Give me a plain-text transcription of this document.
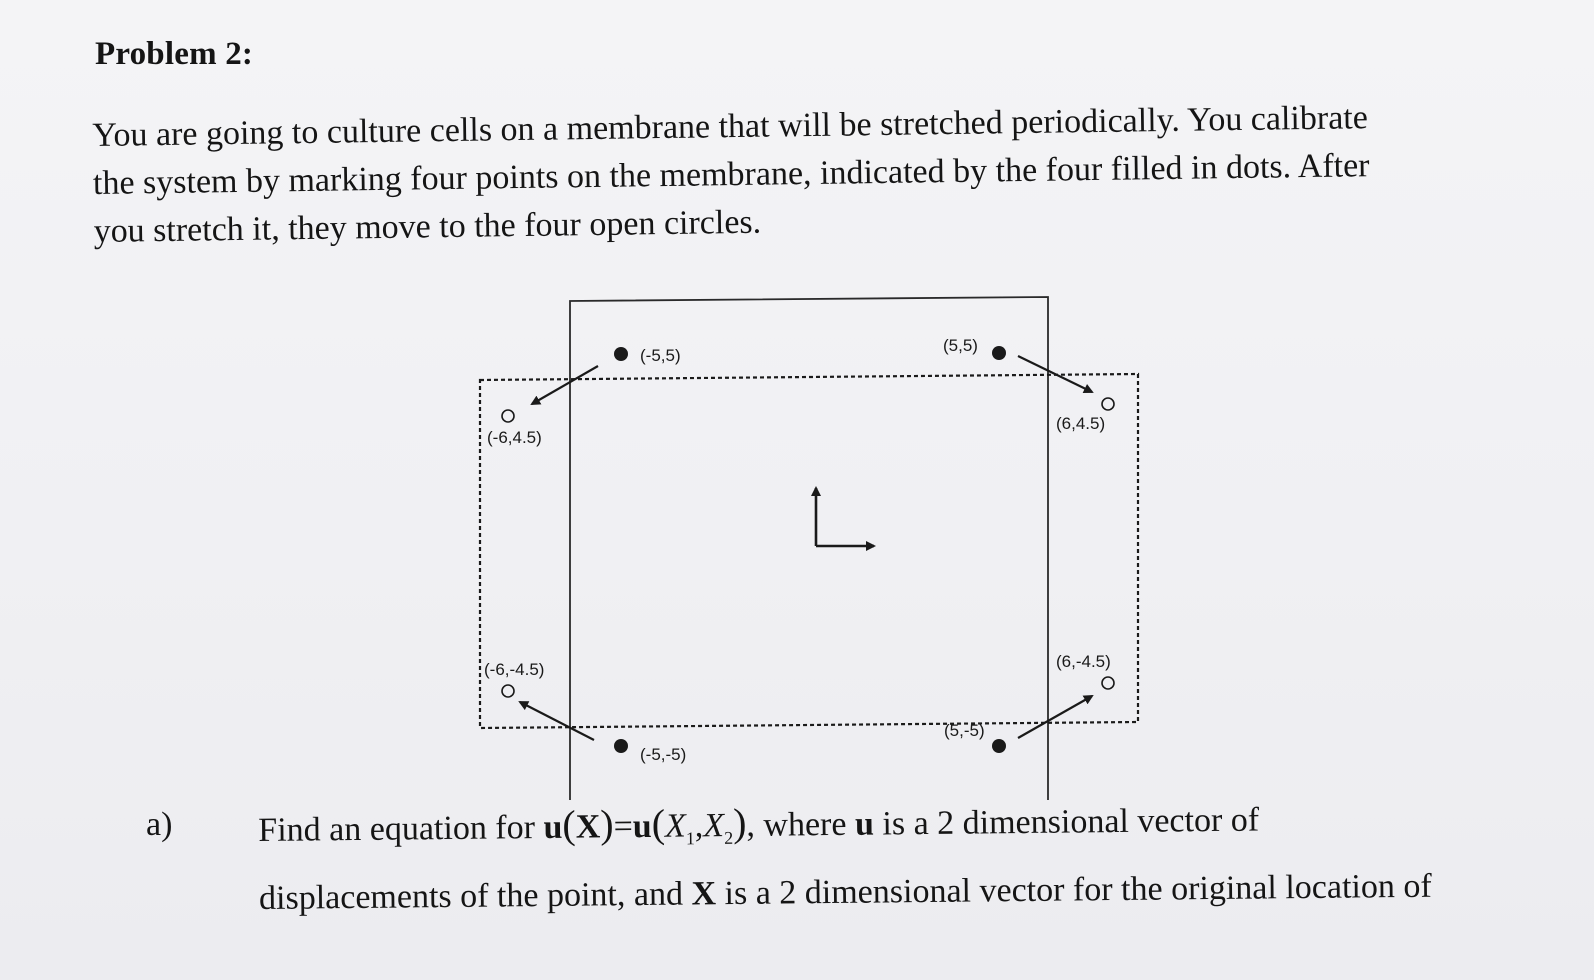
Problem 2:

You are going to culture cells on a membrane that will be stretched periodically. You calibrate

the system by marking four points on the membrane, indicated by the four filled in dots. After

you stretch it, they move to the four open circles.

(-5,5)
(5,5)
(-5,-5)
(5,-5)
(-6,4.5)
(6,4.5)
(-6,-4.5)	(6,-4.5)
a)	Find an equation for $u(X)=u(X_1,X_2)$, where u is a 2 dimensional vector of

displacements of the point, and X is a 2 dimensional vector for the original location of
